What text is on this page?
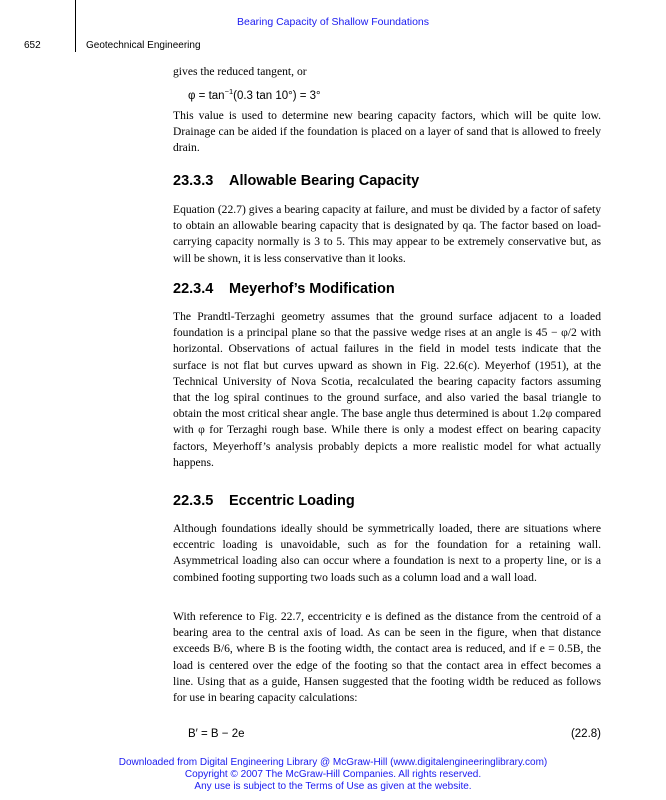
Bearing Capacity of Shallow Foundations
652	Geotechnical Engineering

gives the reduced tangent, or

$\varphi = \tan^{-1}(0.3$ tan 10°) = 3°

This value is used to determine new bearing capacity factors, which will be quite low. Drainage can be aided if the foundation is placed on a layer of sand that is allowed to freely drain.

23.3.3 Allowable Bearing Capacity

Equation (22.7) gives a bearing capacity at failure, and must be divided by a factor of safety to obtain an allowable bearing capacity that is designated by qa. The factor based on load-carrying capacity normally is 3 to 5. This may appear to be extremely conservative but, as will be shown, it is less conservative than it looks.

22.3.4 Meyerhof’s Modification

The Prandtl-Terzaghi geometry assumes that the ground surface adjacent to a loaded foundation is a principal plane so that the passive wedge rises at an angle is 45 − φ/2 with horizontal. Observations of actual failures in the field in model tests indicate that the surface is not flat but curves upward as shown in Fig. 22.6(c). Meyerhof (1951), at the Technical University of Nova Scotia, recalculated the bearing capacity factors assuming that the log spiral continues to the ground surface, and also varied the basal triangle to obtain the most critical shear angle. The base angle thus determined is about 1.2φ compared with φ for Terzaghi rough base. While there is only a modest effect on bearing capacity factors, Meyerhoff’s analysis probably depicts a more realistic model for what actually happens.

22.3.5 Eccentric Loading

Although foundations ideally should be symmetrically loaded, there are situations where eccentric loading is unavoidable, such as for the foundation for a retaining wall. Asymmetrical loading also can occur where a foundation is next to a property line, or is a combined footing supporting two loads such as a column load and a wall load.

With reference to Fig. 22.7, eccentricity e is defined as the distance from the centroid of a bearing area to the central axis of load. As can be seen in the figure, when that distance exceeds B/6, where B is the footing width, the contact area is reduced, and if e = 0.5B, the load is centered over the edge of the footing so that the contact area in effect becomes a line. Using that as a guide, Hansen suggested that the footing width be reduced as follows for use in bearing capacity calculations:

B′ = B − 2e	(22.8)
Downloaded from Digital Engineering Library @ McGraw-Hill (www.digitalengineeringlibrary.com)
Copyright © 2007 The McGraw-Hill Companies. All rights reserved.
Any use is subject to the Terms of Use as given at the website.
